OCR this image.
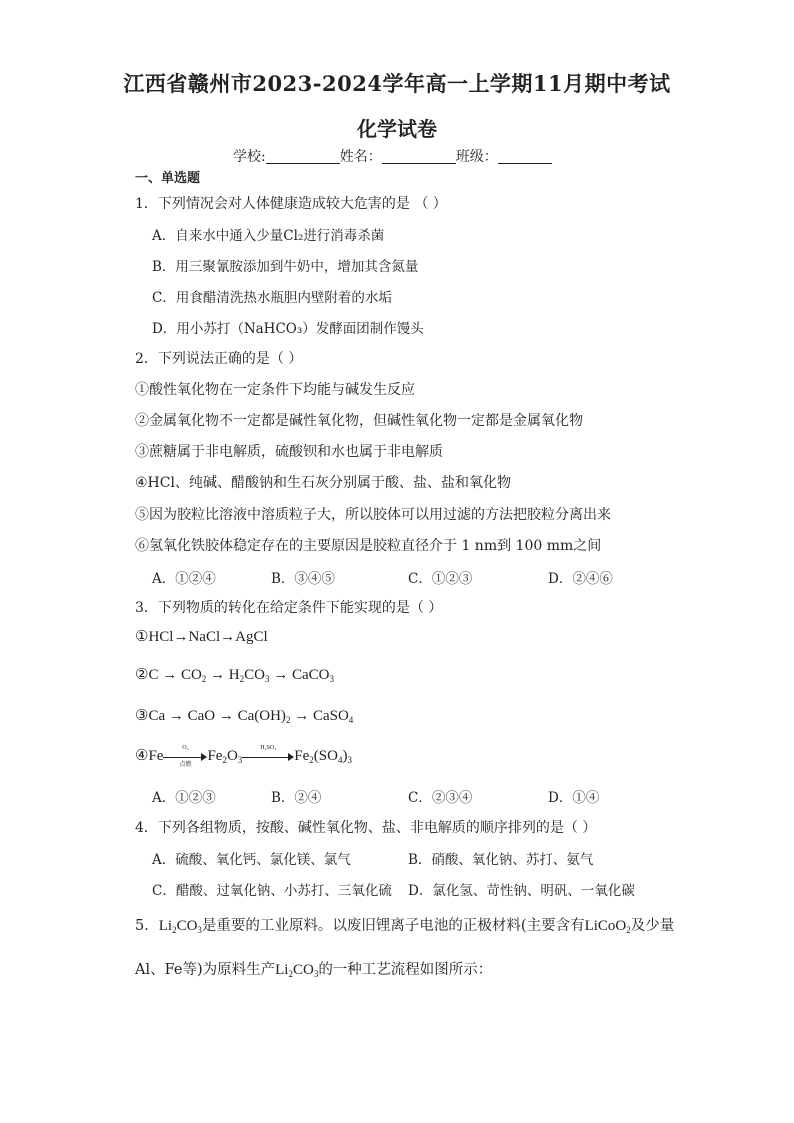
江西省赣州市2023-2024学年高一上学期11月期中考试
化学试卷
学校:	姓名：	班级：
一、单选题
1．下列情况会对人体健康造成较大危害的是 （ ）
A．自来水中通入少量Cl₂进行消毒杀菌
B．用三聚氰胺添加到牛奶中，增加其含氮量
C．用食醋清洗热水瓶胆内壁附着的水垢
D．用小苏打（NaHCO₃）发酵面团制作馒头
2．下列说法正确的是（ ）
①酸性氧化物在一定条件下均能与碱发生反应
②金属氧化物不一定都是碱性氧化物，但碱性氧化物一定都是金属氧化物
③蔗糖属于非电解质，硫酸钡和水也属于非电解质
④HCl、纯碱、醋酸钠和生石灰分别属于酸、盐、盐和氧化物
⑤因为胶粒比溶液中溶质粒子大，所以胶体可以用过滤的方法把胶粒分离出来
⑥氢氧化铁胶体稳定存在的主要原因是胶粒直径介于 1 nm到 100 mm之间
A．①②④	B．③④⑤	C．①②③	D．②④⑥
3．下列物质的转化在给定条件下能实现的是（ ）
①HCl→NaCl→AgCl
②C → $CO_2 \to H_2CO_3$ → CaCO$_3$
③Ca → CaO → $Ca(OH)_2$ → CaSO$_4$
④Fe
O₂
点燃
$Fe_2O_3$
H₂SO₄
$Fe_2(SO_4)_3$
A．①②③	B．②④	C．②③④	D．①④
4．下列各组物质，按酸、碱性氧化物、盐、非电解质的顺序排列的是（ ）
A．硫酸、氧化钙、氯化镁、氯气	B．硝酸、氧化钠、苏打、氨气
C．醋酸、过氧化钠、小苏打、三氧化硫 D．氯化氢、苛性钠、明矾、一氧化碳
5．$Li_2CO_3$是重要的工业原料。以废旧锂离子电池的正极材料(主要含有LiCoO$_2$及少量
Al、Fe等)为原料生产$Li_2CO_3$的一种工艺流程如图所示：
